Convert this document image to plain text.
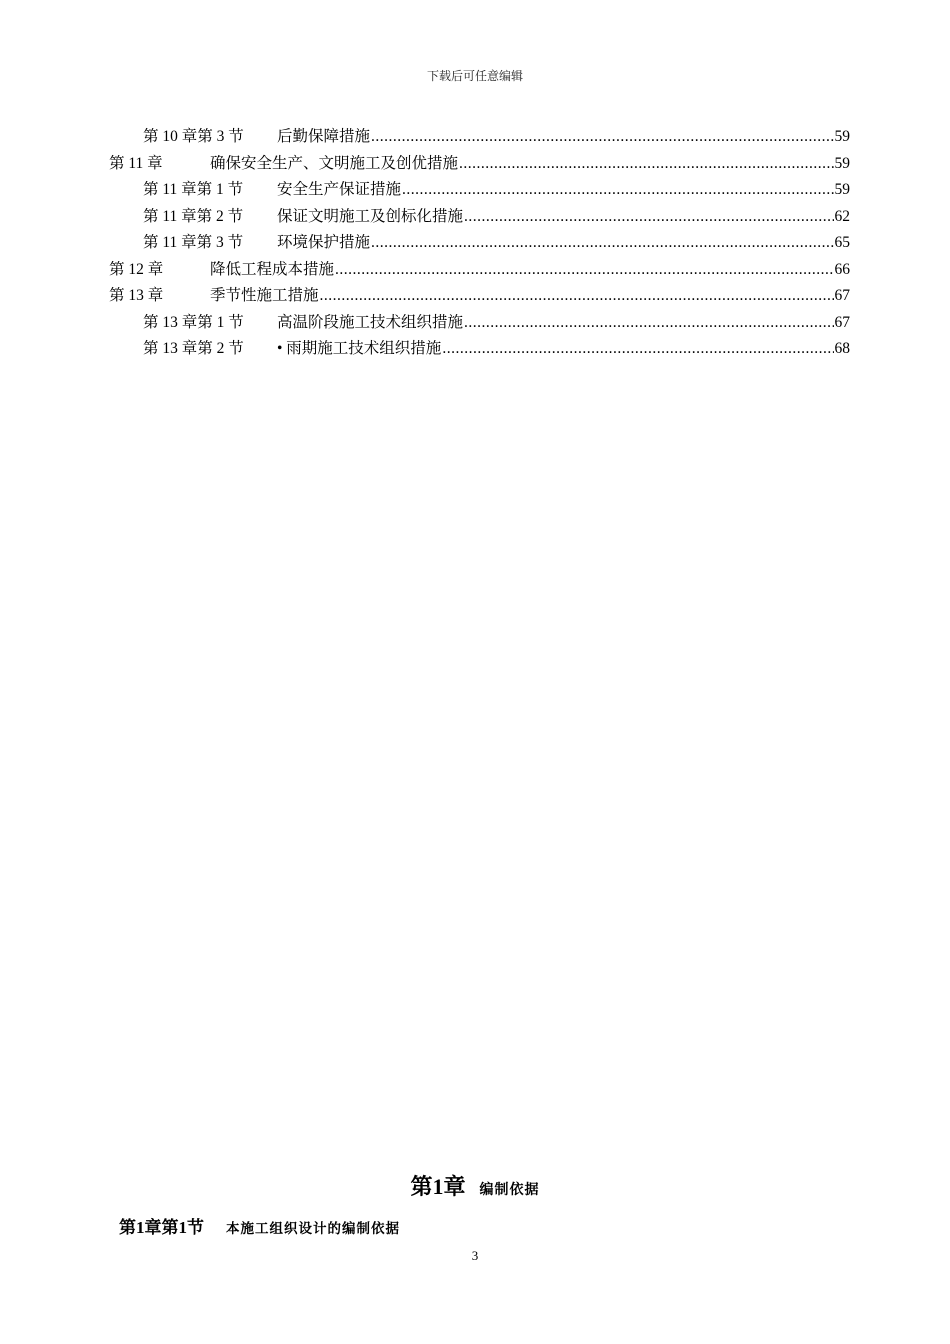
下载后可任意编辑
第 10 章第 3 节	后勤保障措施 .....	59
第 11 章	确保安全生产、文明施工及创优措施 .....	59
第 11 章第 1 节	安全生产保证措施 .....	59
第 11 章第 2 节	保证文明施工及创标化措施 .....	62
第 11 章第 3 节	环境保护措施 .....	65
第 12 章	降低工程成本措施 .....	66
第 13 章	季节性施工措施 .....	67
第 13 章第 1 节	高温阶段施工技术组织措施 .....	67
第 13 章第 2 节	• 雨期施工技术组织措施 .....	68
第1章 编制依据
第1章第1节 本施工组织设计的编制依据
3
